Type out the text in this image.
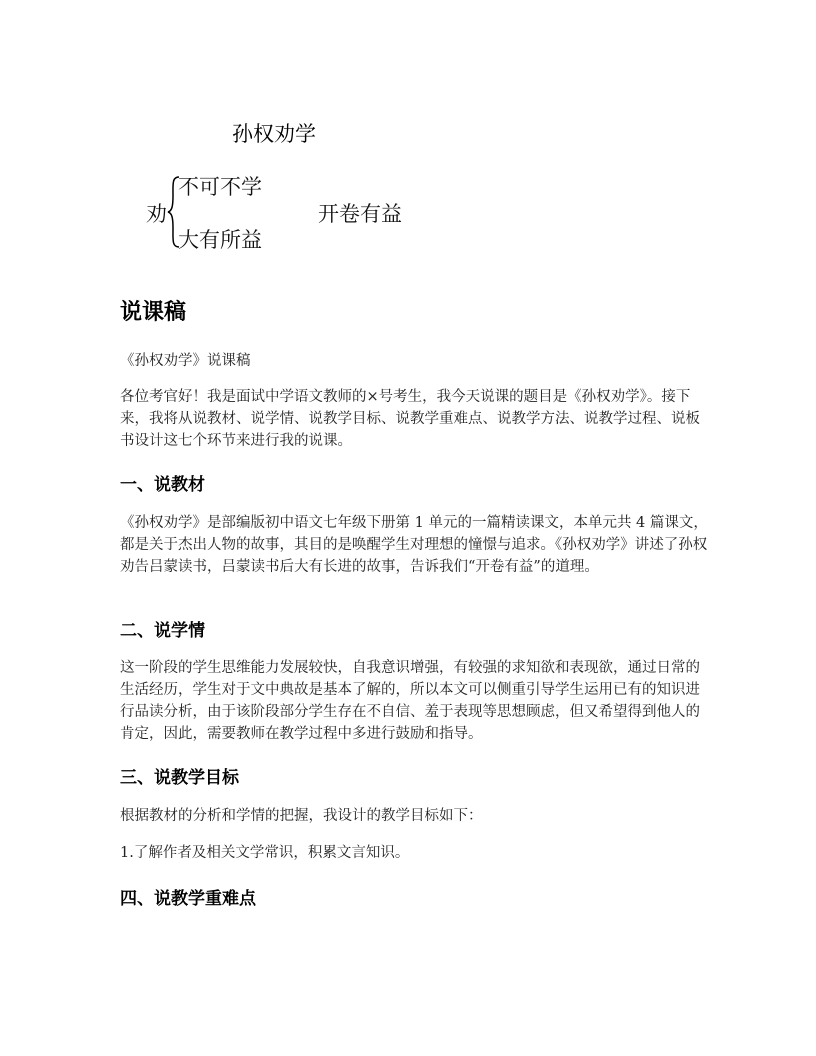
孙权劝学
劝
不可不学
大有所益
开卷有益
说课稿

《孙权劝学》说课稿

各位考官好！我是面试中学语文教师的×号考生，我今天说课的题目是《孙权劝学》。接下来，我将从说教材、说学情、说教学目标、说教学重难点、说教学方法、说教学过程、说板书设计这七个环节来进行我的说课。

一、说教材

《孙权劝学》是部编版初中语文七年级下册第 1 单元的一篇精读课文，本单元共 4 篇课文，都是关于杰出人物的故事，其目的是唤醒学生对理想的憧憬与追求。《孙权劝学》讲述了孙权劝告吕蒙读书，吕蒙读书后大有长进的故事，告诉我们“开卷有益”的道理。

二、说学情

这一阶段的学生思维能力发展较快，自我意识增强，有较强的求知欲和表现欲，通过日常的生活经历，学生对于文中典故是基本了解的，所以本文可以侧重引导学生运用已有的知识进行品读分析，由于该阶段部分学生存在不自信、羞于表现等思想顾虑，但又希望得到他人的肯定，因此，需要教师在教学过程中多进行鼓励和指导。

三、说教学目标

根据教材的分析和学情的把握，我设计的教学目标如下：

1.了解作者及相关文学常识，积累文言知识。

四、说教学重难点
